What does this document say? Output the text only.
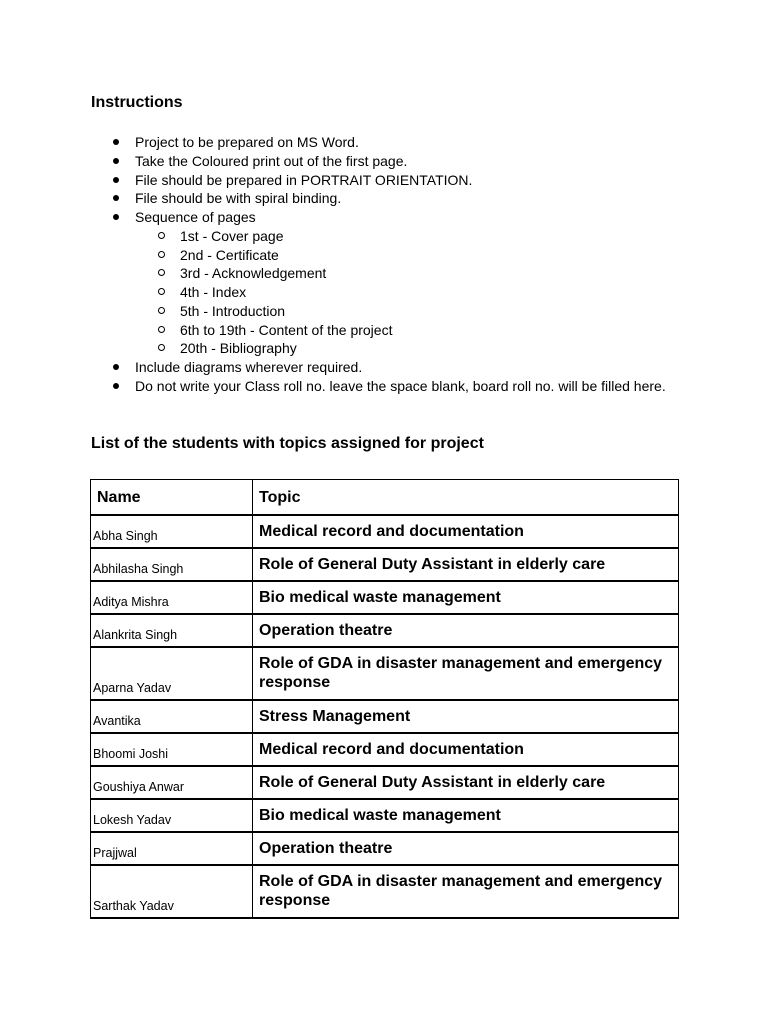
Instructions
Project to be prepared on MS Word.
Take the Coloured print out of the first page.
File should be prepared in PORTRAIT ORIENTATION.
File should be with spiral binding.
Sequence of pages
1st - Cover page
2nd - Certificate
3rd - Acknowledgement
4th - Index
5th - Introduction
6th to 19th - Content of the project
20th - Bibliography
Include diagrams wherever required.
Do not write your Class roll no. leave the space blank, board roll no. will be filled here.
List of the students with topics assigned for project
Name	Topic
Abha Singh	Medical record and documentation
Abhilasha Singh	Role of General Duty Assistant in elderly care
Aditya Mishra	Bio medical waste management
Alankrita Singh	Operation theatre
Aparna Yadav	Role of GDA in disaster management and emergency response
Avantika	Stress Management
Bhoomi Joshi	Medical record and documentation
Goushiya Anwar	Role of General Duty Assistant in elderly care
Lokesh Yadav	Bio medical waste management
Prajjwal	Operation theatre
Sarthak Yadav	Role of GDA in disaster management and emergency response
